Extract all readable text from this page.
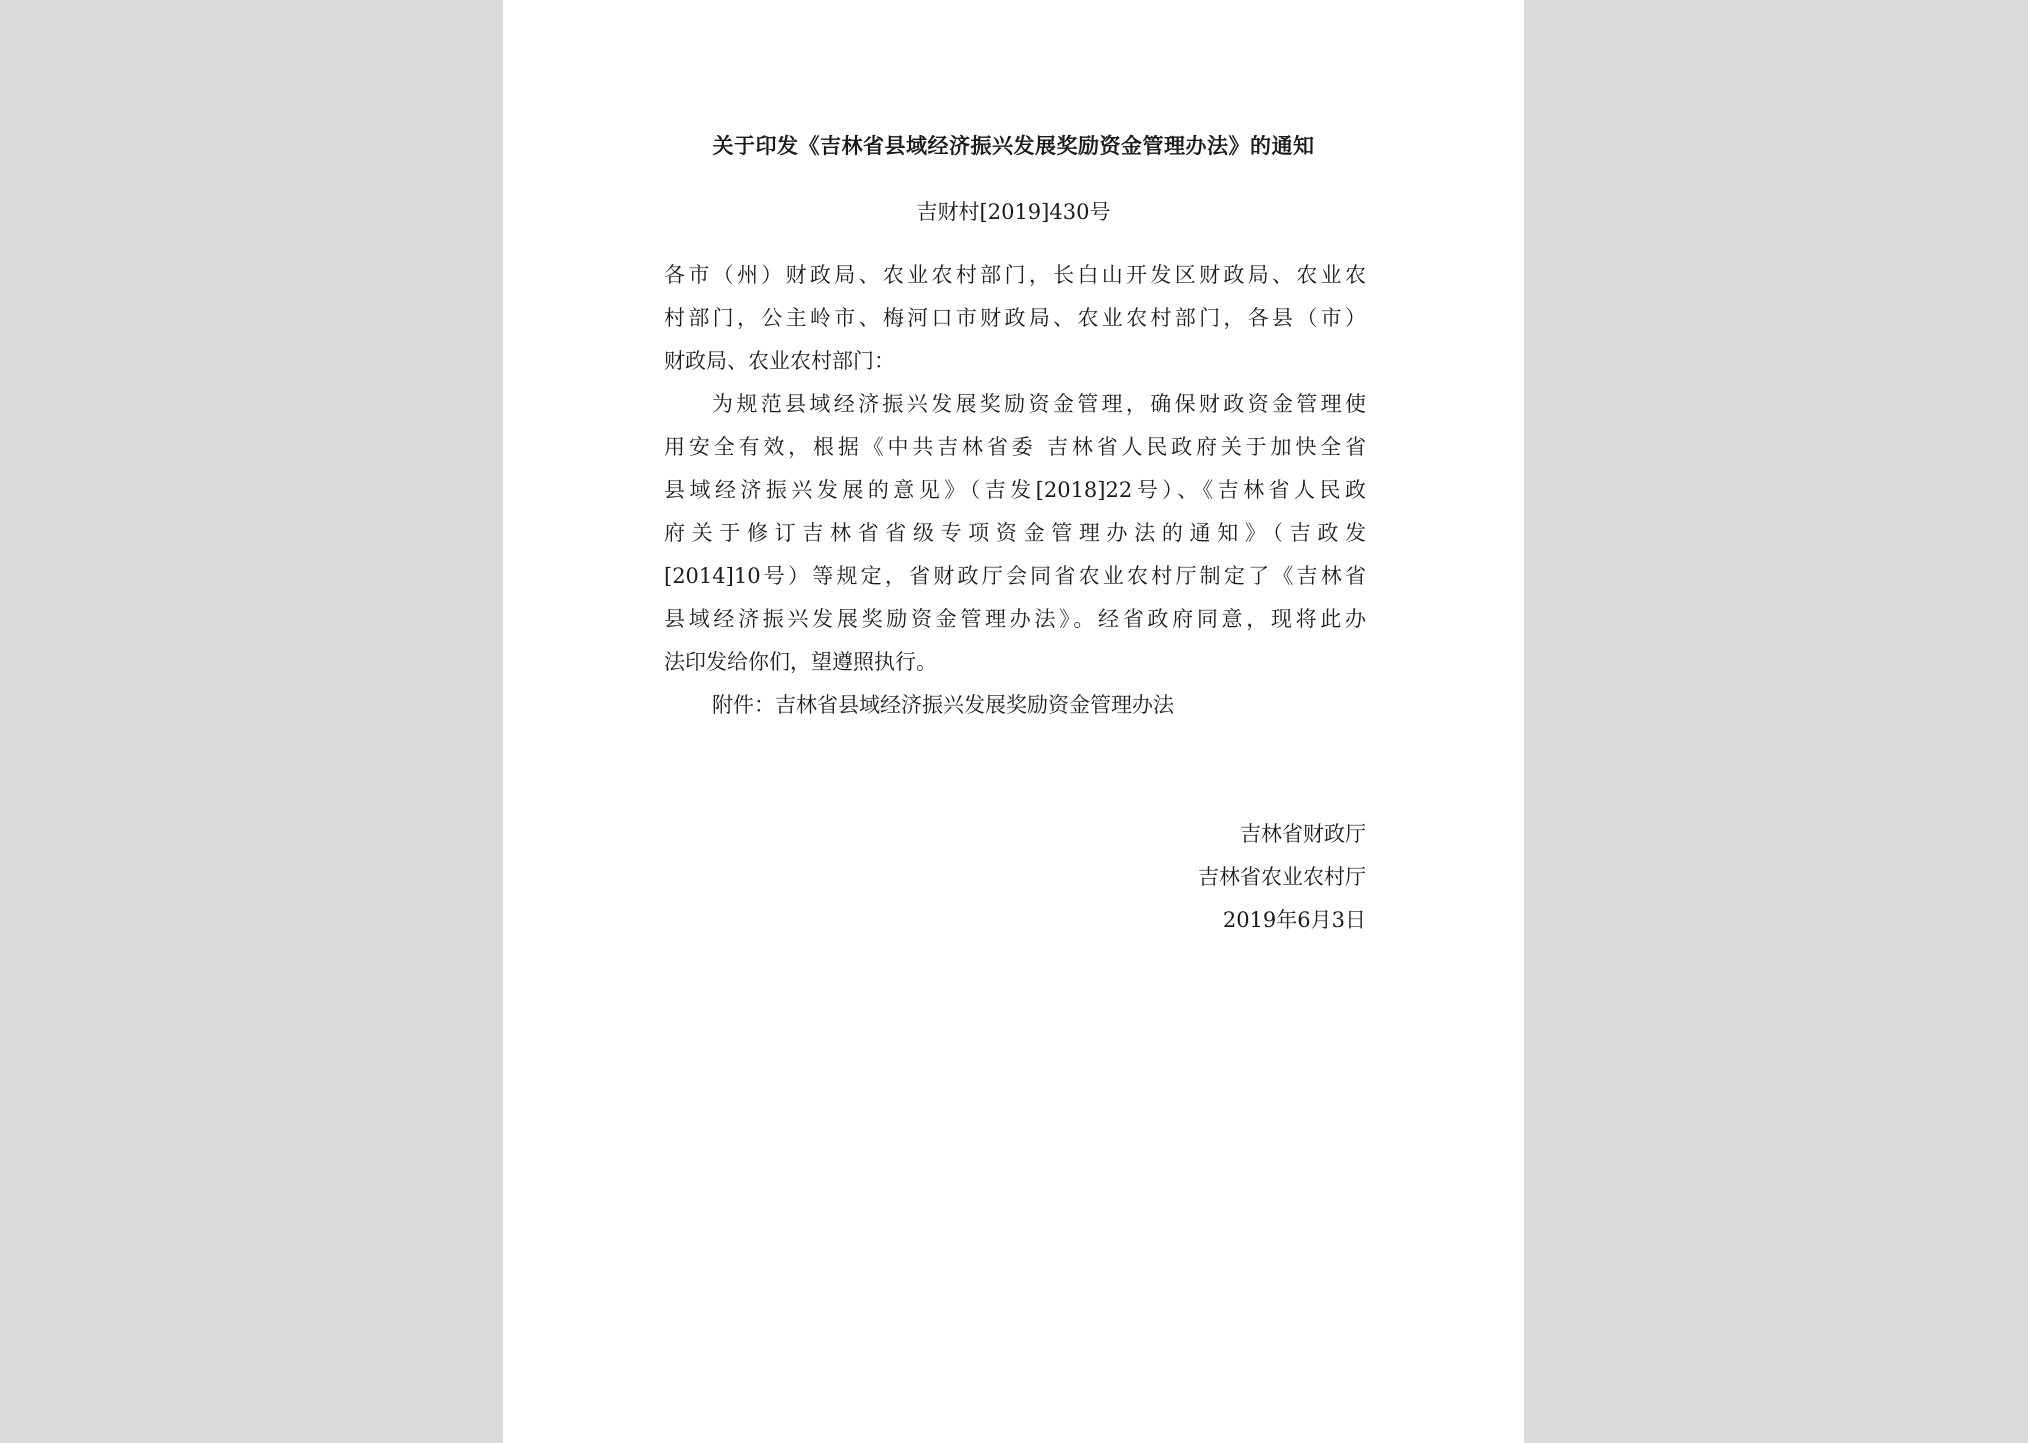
关于印发《吉林省县域经济振兴发展奖励资金管理办法》的通知
吉财村[2019]430号
各市（州）财政局、农业农村部门，长白山开发区财政局、农业农
村部门，公主岭市、梅河口市财政局、农业农村部门，各县（市）
财政局、农业农村部门：
为规范县域经济振兴发展奖励资金管理，确保财政资金管理使
用安全有效，根据《中共吉林省委 吉林省人民政府关于加快全省
县域经济振兴发展的意见》（吉发[2018]22号）、《吉林省人民政
府关于修订吉林省省级专项资金管理办法的通知》（吉政发
[2014]10号）等规定，省财政厅会同省农业农村厅制定了《吉林省
县域经济振兴发展奖励资金管理办法》。经省政府同意，现将此办
法印发给你们，望遵照执行。
附件：吉林省县域经济振兴发展奖励资金管理办法
吉林省财政厅
吉林省农业农村厅
2019年6月3日
